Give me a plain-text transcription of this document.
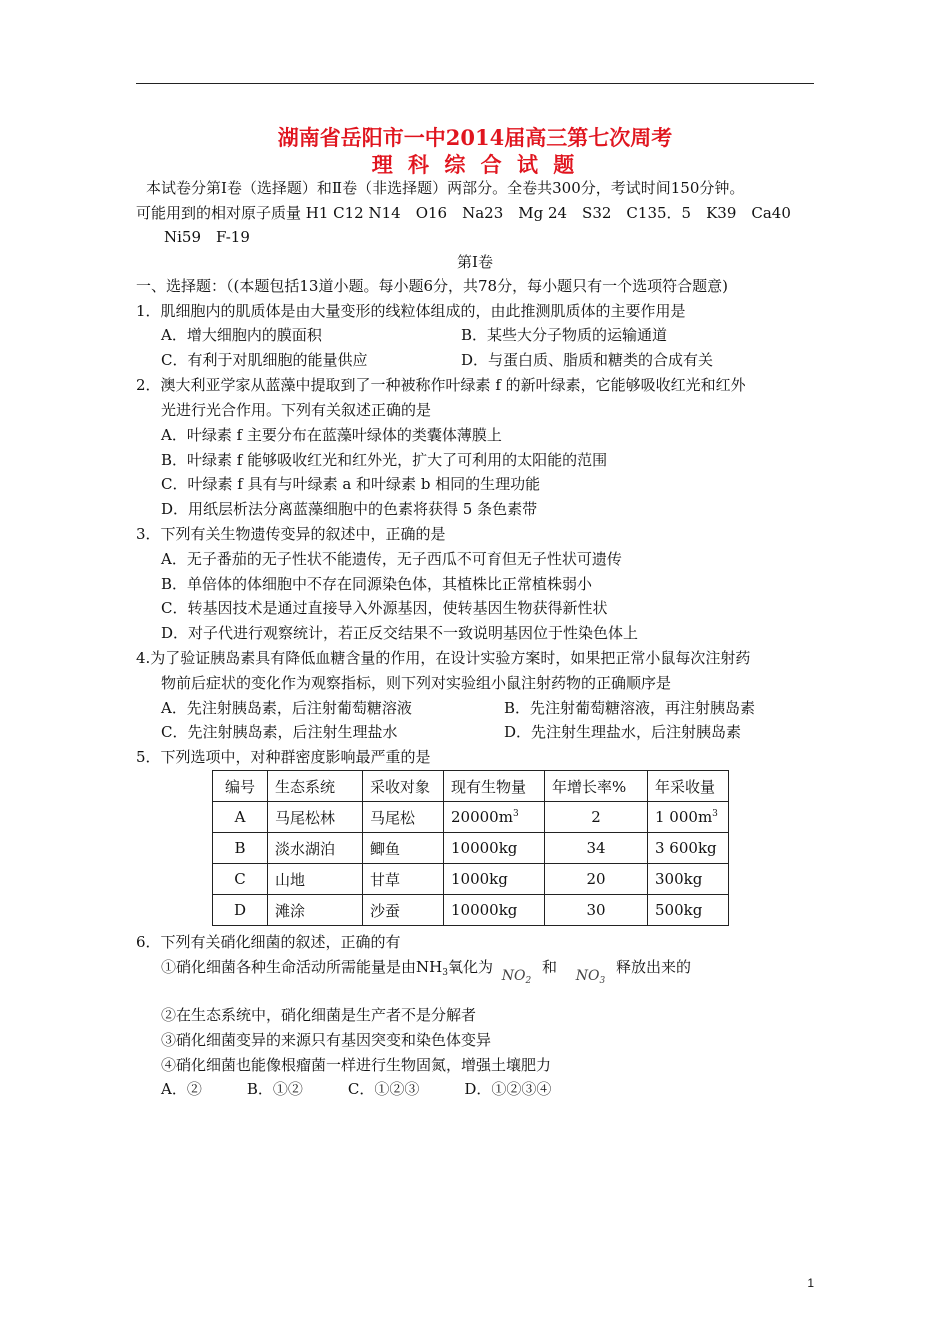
湖南省岳阳市一中2014届高三第七次周考
理 科 综 合 试 题
本试卷分第Ⅰ卷（选择题）和Ⅱ卷（非选择题）两部分。全卷共300分，考试时间150分钟。
可能用到的相对原子质量 H1 C12 N14　O16　Na23　Mg 24　S32　C135．5　K39　Ca40
Ni59　F-19
第Ⅰ卷
一、选择题：（(本题包括13道小题。每小题6分，共78分，每小题只有一个选项符合题意)
1．肌细胞内的肌质体是由大量变形的线粒体组成的，由此推测肌质体的主要作用是
A．增大细胞内的膜面积	B．某些大分子物质的运输通道
C．有利于对肌细胞的能量供应	D．与蛋白质、脂质和糖类的合成有关
2．澳大利亚学家从蓝藻中提取到了一种被称作叶绿素 f 的新叶绿素，它能够吸收红光和红外
光进行光合作用。下列有关叙述正确的是
A．叶绿素 f 主要分布在蓝藻叶绿体的类囊体薄膜上
B．叶绿素 f 能够吸收红光和红外光，扩大了可利用的太阳能的范围
C．叶绿素 f 具有与叶绿素 a 和叶绿素 b 相同的生理功能
D．用纸层析法分离蓝藻细胞中的色素将获得 5 条色素带
3．下列有关生物遗传变异的叙述中，正确的是
A．无子番茄的无子性状不能遗传，无子西瓜不可育但无子性状可遗传
B．单倍体的体细胞中不存在同源染色体，其植株比正常植株弱小
C．转基因技术是通过直接导入外源基因，使转基因生物获得新性状
D．对子代进行观察统计，若正反交结果不一致说明基因位于性染色体上
4.为了验证胰岛素具有降低血糖含量的作用，在设计实验方案时，如果把正常小鼠每次注射药
物前后症状的变化作为观察指标，则下列对实验组小鼠注射药物的正确顺序是
A．先注射胰岛素，后注射葡萄糖溶液	B．先注射葡萄糖溶液，再注射胰岛素
C．先注射胰岛素，后注射生理盐水	D．先注射生理盐水，后注射胰岛素
5．下列选项中，对种群密度影响最严重的是
编号	生态系统	采收对象	现有生物量	年增长率%	年采收量
A	马尾松林	马尾松	$20000m^3$	2	1 $000m^3$
B	淡水湖泊	鲫鱼	10000kg	34	3 600kg
C	山地	甘草	1000kg	20	300kg
D	滩涂	沙蚕	10000kg	30	500kg
6．下列有关硝化细菌的叙述，正确的有
①硝化细菌各种生命活动所需能量是由$NH_3$氧化为 $NO_2$ 和 $NO_3$ 释放出来的
②在生态系统中，硝化细菌是生产者不是分解者
③硝化细菌变异的来源只有基因突变和染色体变异
④硝化细菌也能像根瘤菌一样进行生物固氮，增强土壤肥力
A．②　　　B．①②　　　C．①②③　　　D．①②③④
1
